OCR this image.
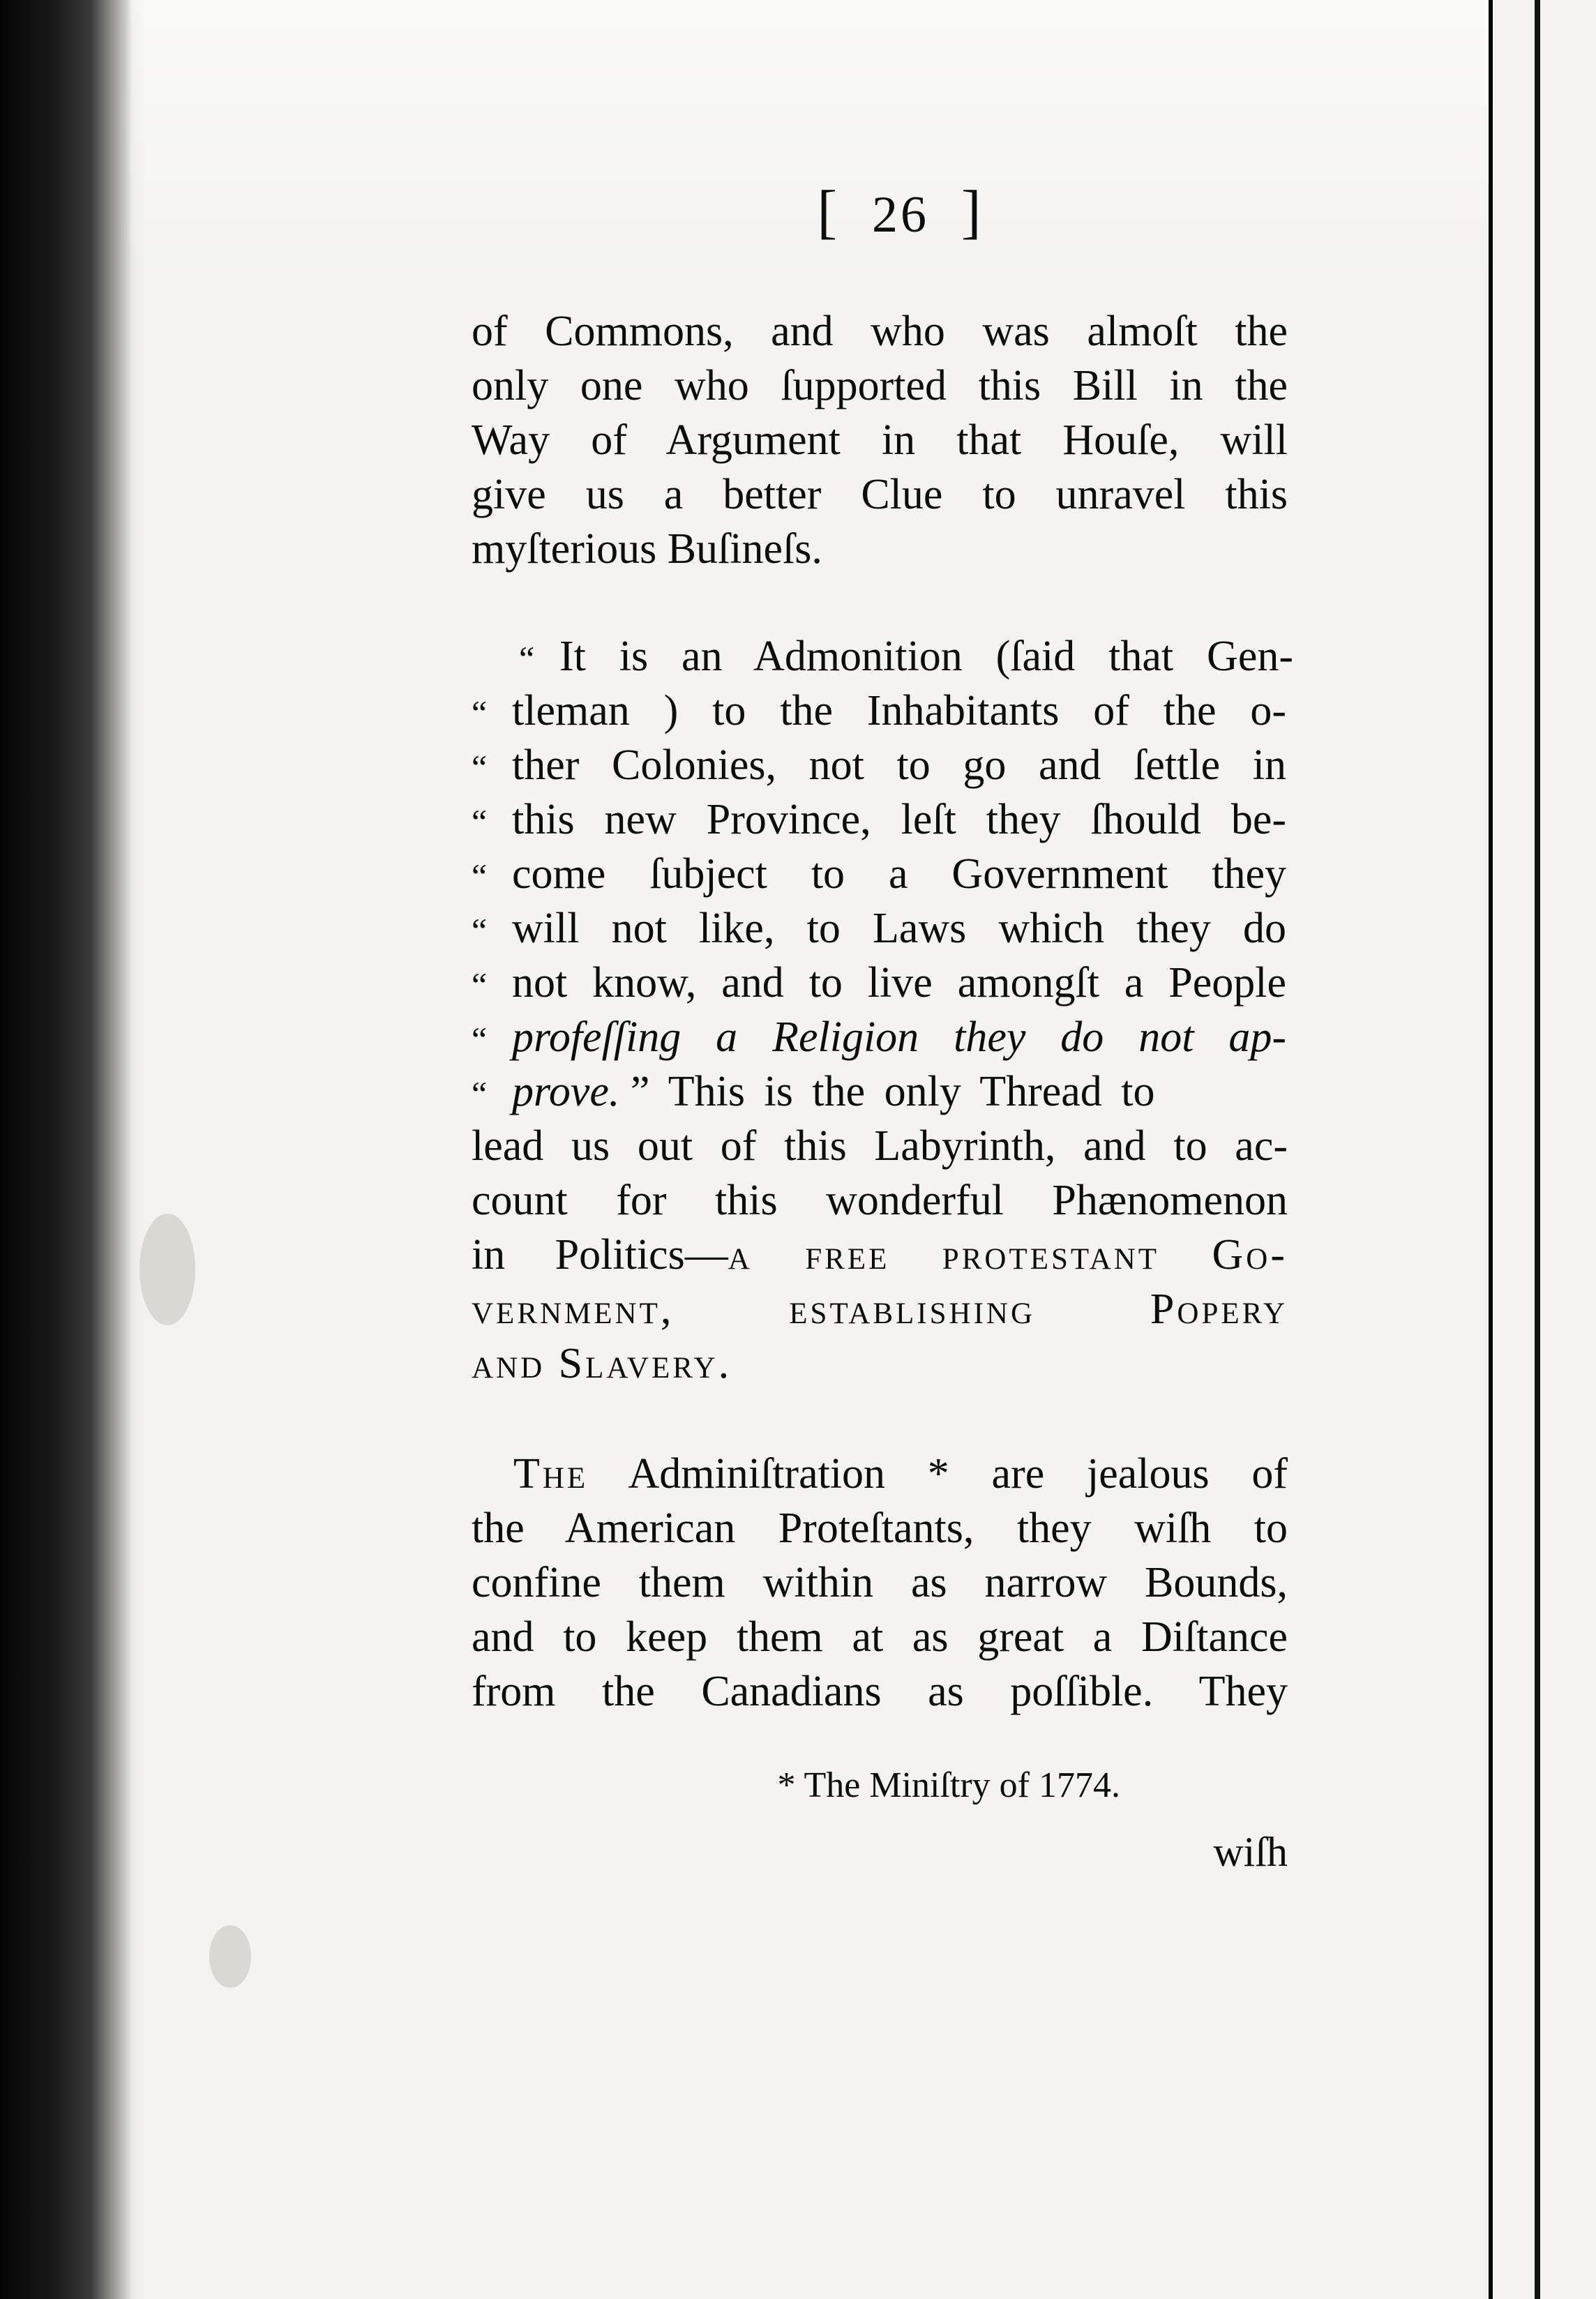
[ 26 ]
of Commons, and who was almoſt the
only one who ſupported this Bill in the
Way of Argument in that Houſe, will
give us a better Clue to unravel this
myſterious Buſineſs.
“ It is an Admonition (ſaid that Gen-
“ tleman ) to the Inhabitants of the o-
“ ther Colonies, not to go and ſettle in
“ this new Province, leſt they ſhould be-
“ come ſubject to a Government they
“ will not like, to Laws which they do
“ not know, and to live amongſt a People
“ profeſſing a Religion they do not ap-
“ prove. ” This is the only Thread to
lead us out of this Labyrinth, and to ac-
count for this wonderful Phænomenon
in Politics—a free protestant Go-
vernment, establishing Popery
and Slavery.
The Adminiſtration * are jealous of
the American Proteſtants, they wiſh to
confine them within as narrow Bounds,
and to keep them at as great a Diſtance
from the Canadians as poſſible. They
* The Miniſtry of 1774.
wiſh
